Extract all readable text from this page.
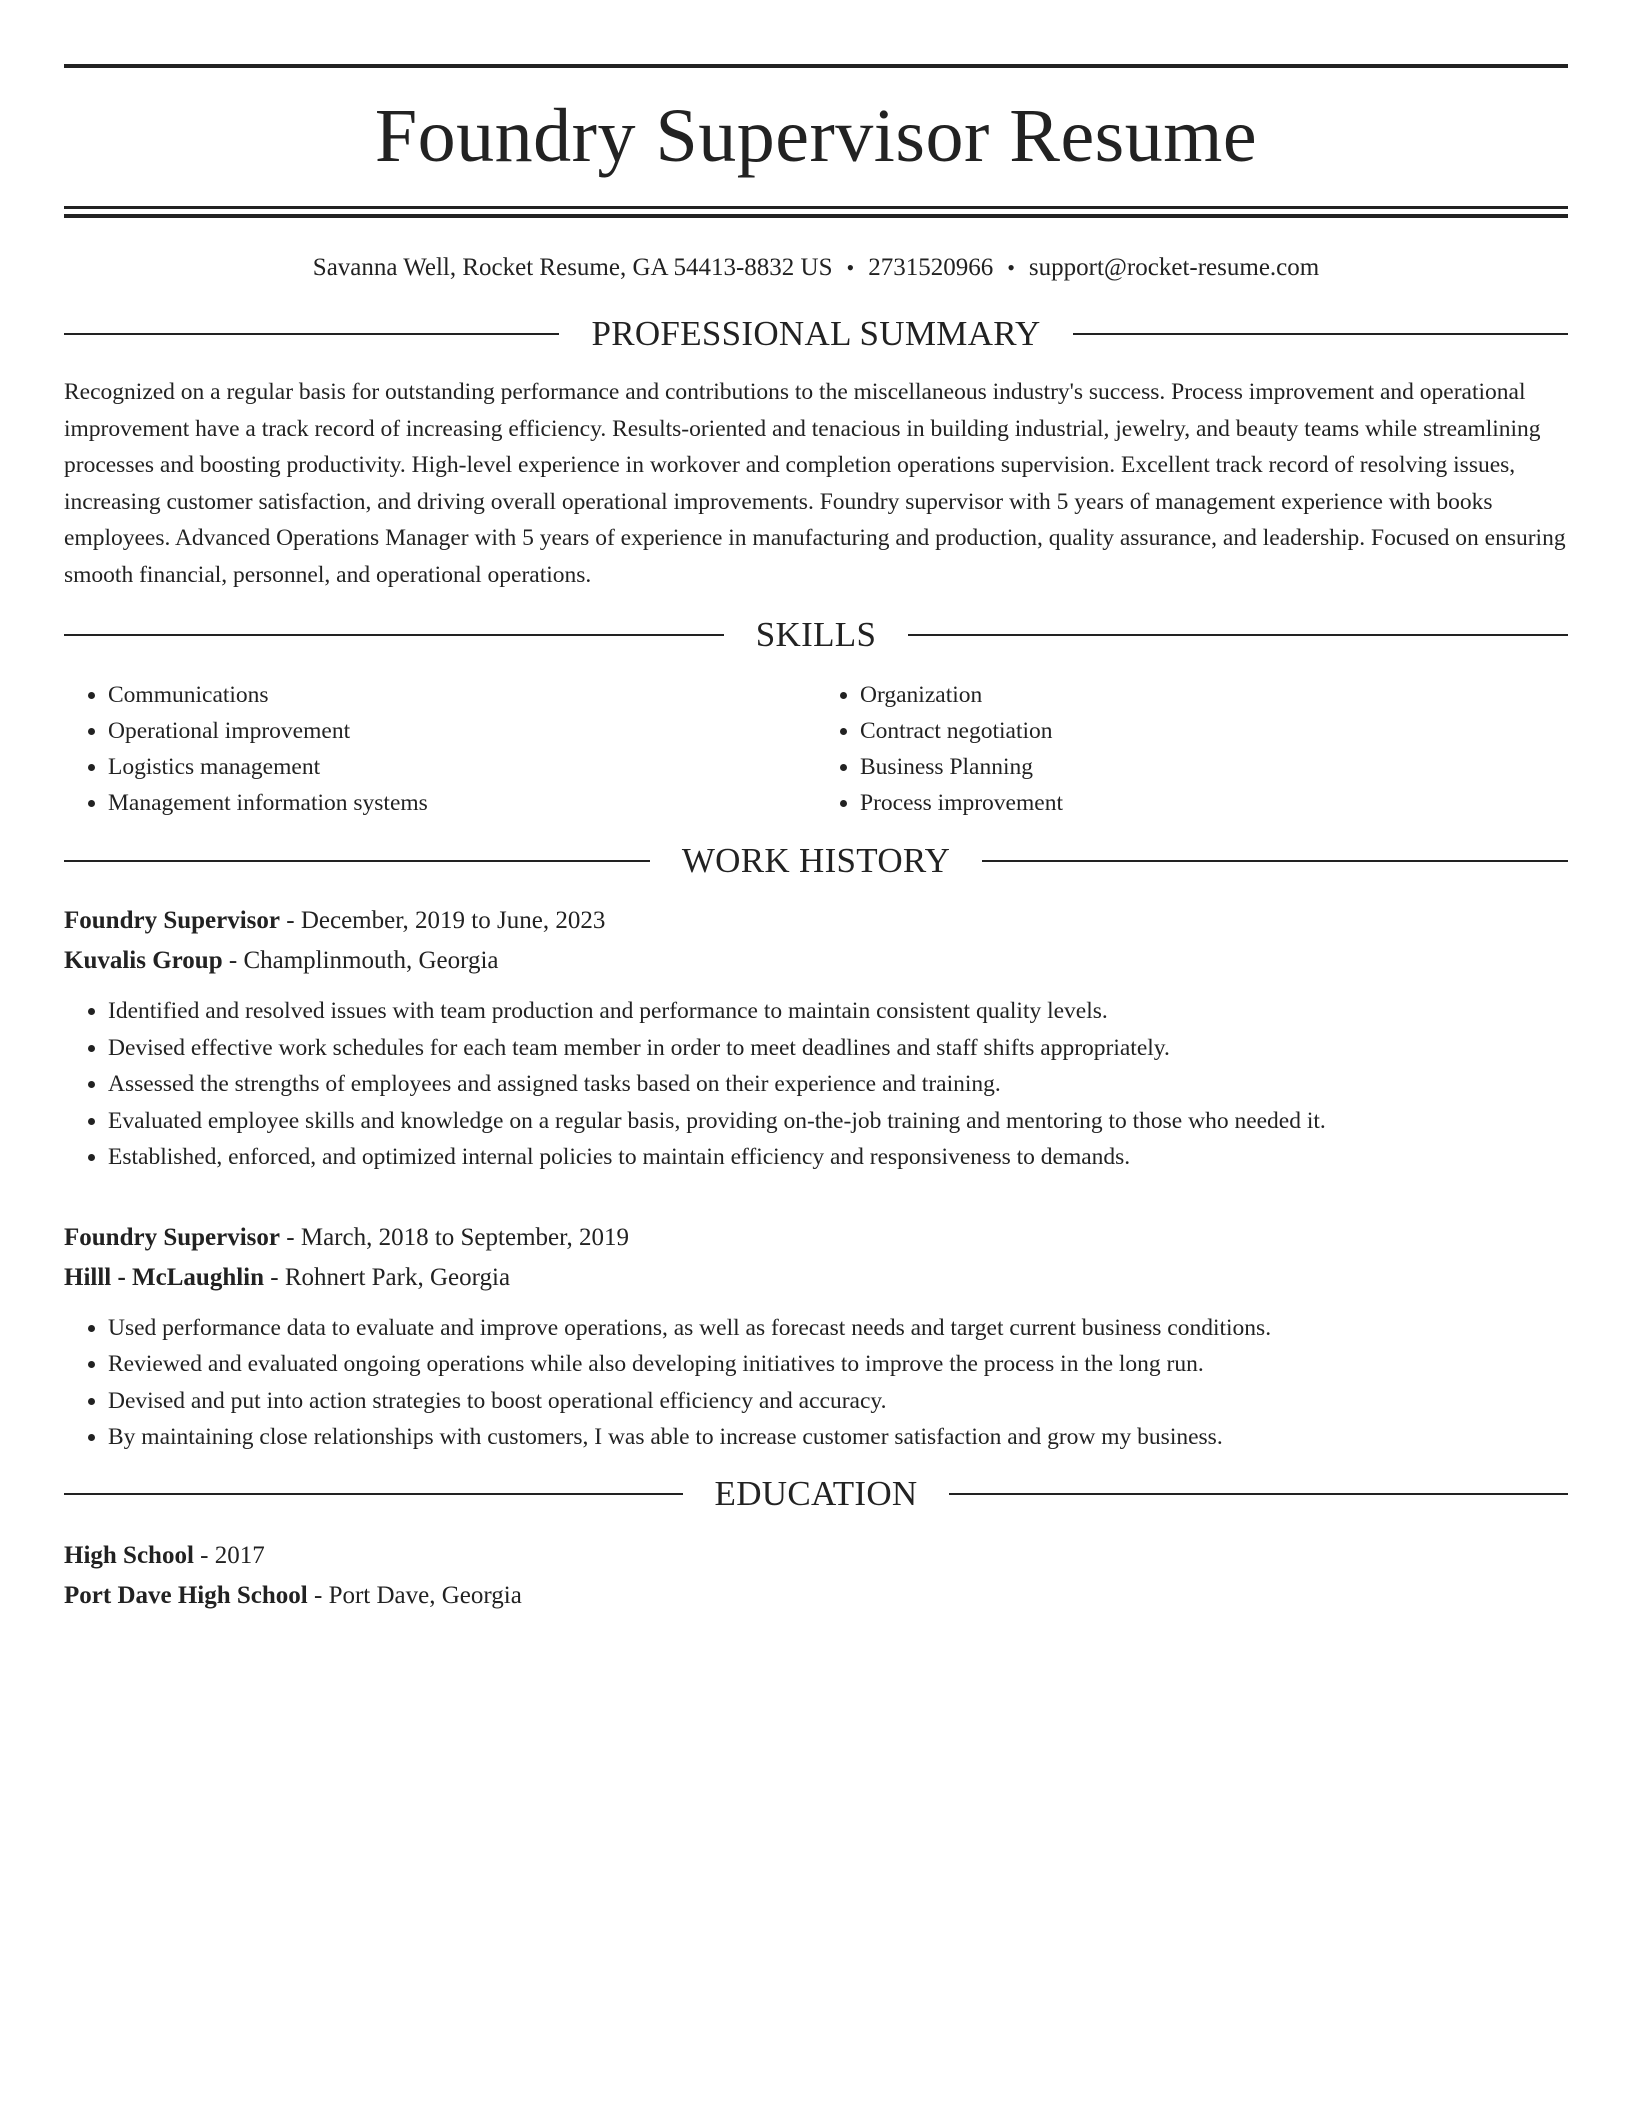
Foundry Supervisor Resume
Savanna Well, Rocket Resume, GA 54413-8832 US • 2731520966 • support@rocket-resume.com
PROFESSIONAL SUMMARY
Recognized on a regular basis for outstanding performance and contributions to the miscellaneous industry's success. Process improvement and operational improvement have a track record of increasing efficiency. Results-oriented and tenacious in building industrial, jewelry, and beauty teams while streamlining processes and boosting productivity. High-level experience in workover and completion operations supervision. Excellent track record of resolving issues, increasing customer satisfaction, and driving overall operational improvements. Foundry supervisor with 5 years of management experience with books employees. Advanced Operations Manager with 5 years of experience in manufacturing and production, quality assurance, and leadership. Focused on ensuring smooth financial, personnel, and operational operations.
SKILLS
• Communications
• Operational improvement
• Logistics management
• Management information systems
• Organization
• Contract negotiation
• Business Planning
• Process improvement
WORK HISTORY
Foundry Supervisor - December, 2019 to June, 2023
Kuvalis Group - Champlinmouth, Georgia
• Identified and resolved issues with team production and performance to maintain consistent quality levels.
• Devised effective work schedules for each team member in order to meet deadlines and staff shifts appropriately.
• Assessed the strengths of employees and assigned tasks based on their experience and training.
• Evaluated employee skills and knowledge on a regular basis, providing on-the-job training and mentoring to those who needed it.
• Established, enforced, and optimized internal policies to maintain efficiency and responsiveness to demands.
Foundry Supervisor - March, 2018 to September, 2019
Hilll - McLaughlin - Rohnert Park, Georgia
• Used performance data to evaluate and improve operations, as well as forecast needs and target current business conditions.
• Reviewed and evaluated ongoing operations while also developing initiatives to improve the process in the long run.
• Devised and put into action strategies to boost operational efficiency and accuracy.
• By maintaining close relationships with customers, I was able to increase customer satisfaction and grow my business.
EDUCATION
High School - 2017
Port Dave High School - Port Dave, Georgia
